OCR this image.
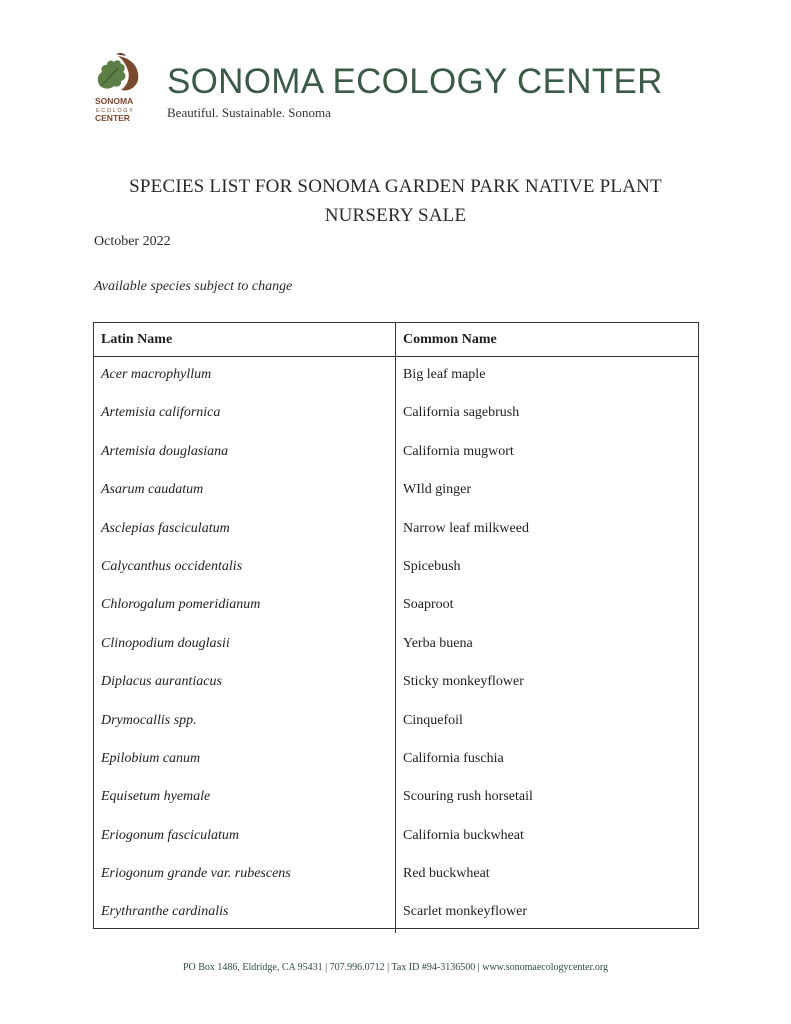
SONOMA
ECOLOGY
CENTER
SONOMA ECOLOGY CENTER
Beautiful. Sustainable. Sonoma
SPECIES LIST FOR SONOMA GARDEN PARK NATIVE PLANT
NURSERY SALE
October 2022
Available species subject to change
Latin Name	Common Name
Acer macrophyllum	Big leaf maple
Artemisia californica	California sagebrush
Artemisia douglasiana	California mugwort
Asarum caudatum	WIld ginger
Asclepias fasciculatum	Narrow leaf milkweed
Calycanthus occidentalis	Spicebush
Chlorogalum pomeridianum	Soaproot
Clinopodium douglasii	Yerba buena
Diplacus aurantiacus	Sticky monkeyflower
Drymocallis spp.	Cinquefoil
Epilobium canum	California fuschia
Equisetum hyemale	Scouring rush horsetail
Eriogonum fasciculatum	California buckwheat
Eriogonum grande var. rubescens	Red buckwheat
Erythranthe cardinalis	Scarlet monkeyflower
PO Box 1486, Eldridge, CA 95431 | 707.996.0712 | Tax ID #94-3136500 | www.sonomaecologycenter.org
